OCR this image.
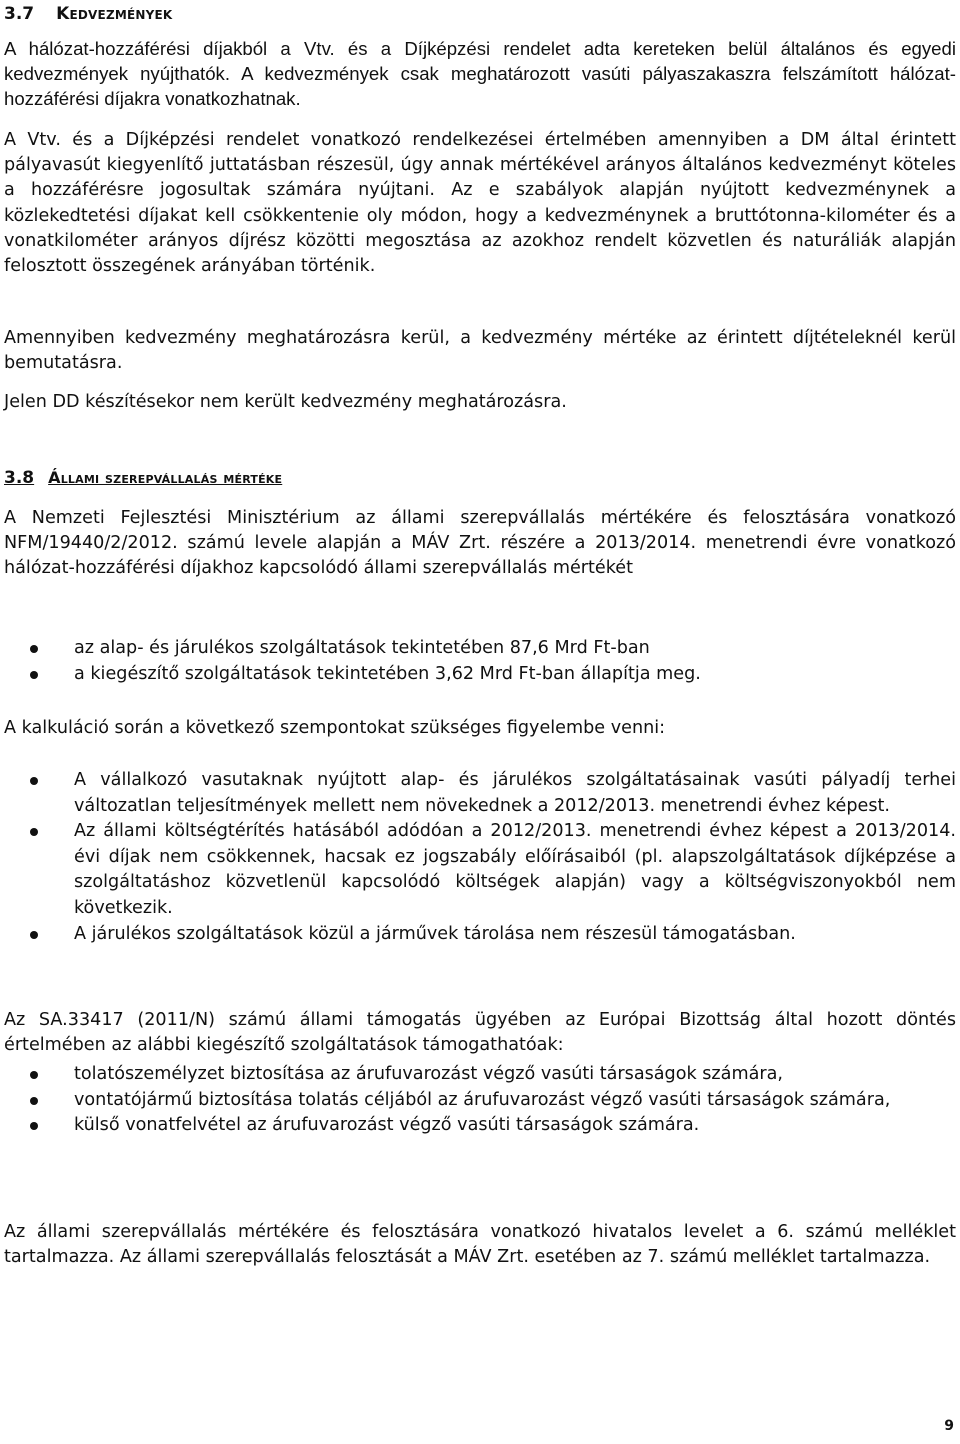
3.7 Kedvezmények

A hálózat-hozzáférési díjakból a Vtv. és a Díjképzési rendelet adta kereteken belül általános és egyedi kedvezmények nyújthatók. A kedvezmények csak meghatározott vasúti pályaszakaszra felszámított hálózat-hozzáférési díjakra vonatkozhatnak.

A Vtv. és a Díjképzési rendelet vonatkozó rendelkezései értelmében amennyiben a DM által érintett pályavasút kiegyenlítő juttatásban részesül, úgy annak mértékével arányos általános kedvezményt köteles a hozzáférésre jogosultak számára nyújtani. Az e szabályok alapján nyújtott kedvezménynek a közlekedtetési díjakat kell csökkentenie oly módon, hogy a kedvezménynek a bruttótonna-kilométer és a vonatkilométer arányos díjrész közötti megosztása az azokhoz rendelt közvetlen és naturáliák alapján felosztott összegének arányában történik.

Amennyiben kedvezmény meghatározásra kerül, a kedvezmény mértéke az érintett díjtételeknél kerül bemutatásra.

Jelen DD készítésekor nem került kedvezmény meghatározásra.

3.8 Állami szerepvállalás mértéke

A Nemzeti Fejlesztési Minisztérium az állami szerepvállalás mértékére és felosztására vonatkozó NFM/19440/2/2012. számú levele alapján a MÁV Zrt. részére a 2013/2014. menetrendi évre vonatkozó hálózat-hozzáférési díjakhoz kapcsolódó állami szerepvállalás mértékét

az alap- és járulékos szolgáltatások tekintetében 87,6 Mrd Ft-ban
a kiegészítő szolgáltatások tekintetében 3,62 Mrd Ft-ban állapítja meg.

A kalkuláció során a következő szempontokat szükséges figyelembe venni:

A vállalkozó vasutaknak nyújtott alap- és járulékos szolgáltatásainak vasúti pályadíj terhei változatlan teljesítmények mellett nem növekednek a 2012/2013. menetrendi évhez képest.
Az állami költségtérítés hatásából adódóan a 2012/2013. menetrendi évhez képest a 2013/2014. évi díjak nem csökkennek, hacsak ez jogszabály előírásaiból (pl. alapszolgáltatások díjképzése a szolgáltatáshoz közvetlenül kapcsolódó költségek alapján) vagy a költségviszonyokból nem következik.
A járulékos szolgáltatások közül a járművek tárolása nem részesül támogatásban.

Az SA.33417 (2011/N) számú állami támogatás ügyében az Európai Bizottság által hozott döntés értelmében az alábbi kiegészítő szolgáltatások támogathatóak:

tolatószemélyzet biztosítása az árufuvarozást végző vasúti társaságok számára,
vontatójármű biztosítása tolatás céljából az árufuvarozást végző vasúti társaságok számára,
külső vonatfelvétel az árufuvarozást végző vasúti társaságok számára.

Az állami szerepvállalás mértékére és felosztására vonatkozó hivatalos levelet a 6. számú melléklet tartalmazza. Az állami szerepvállalás felosztását a MÁV Zrt. esetében az 7. számú melléklet tartalmazza.

9
